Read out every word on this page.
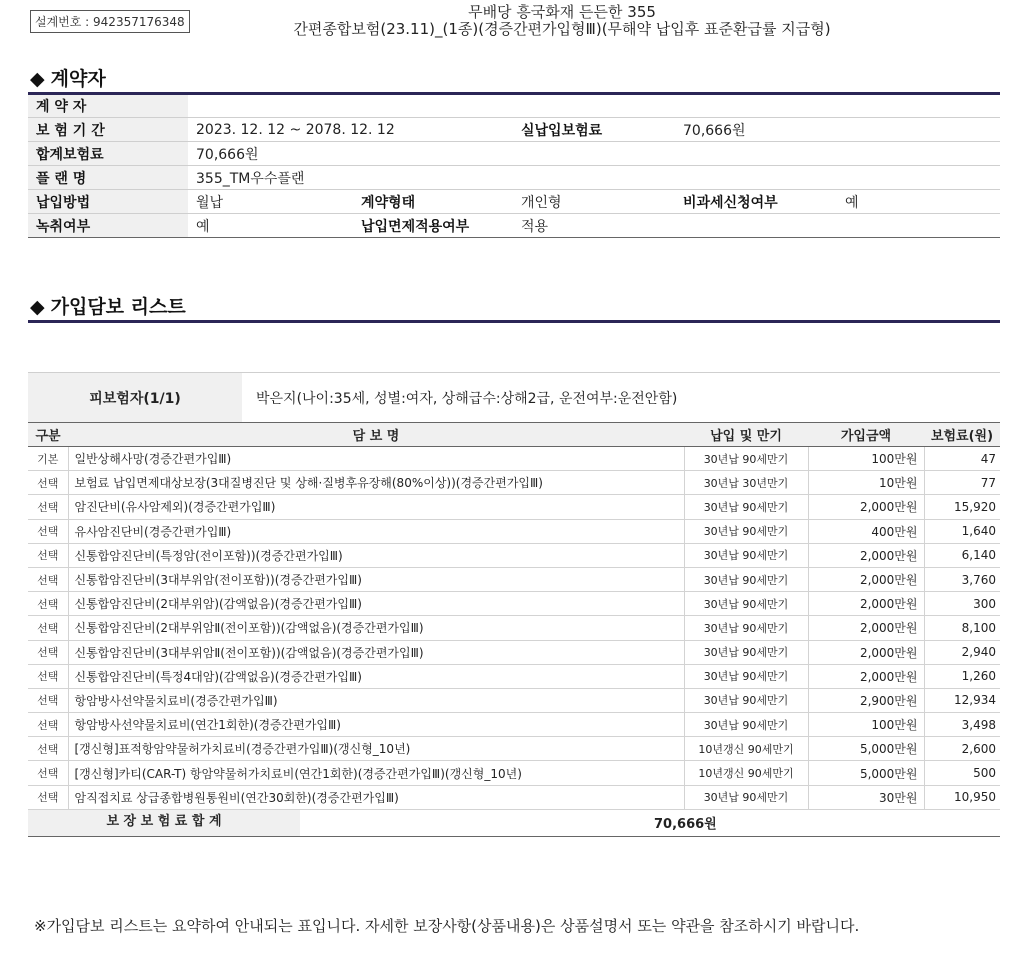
설계번호 : 942357176348
무배당 흥국화재 든든한 355
간편종합보험(23.11)_(1종)(경증간편가입형Ⅲ)(무해약 납입후 표준환급률 지급형)
◆ 계약자
계 약 자					
보 험 기 간	2023. 12. 12 ~ 2078. 12. 12		실납입보험료	70,666원	
합계보험료	70,666원				
플 랜 명	355_TM우수플랜				
납입방법	월납	계약형태	개인형	비과세신청여부	예
녹취여부	예	납입면제적용여부	적용		
◆ 가입담보 리스트
피보험자(1/1)	박은지(나이:35세, 성별:여자, 상해급수:상해2급, 운전여부:운전안함)
구분	담 보 명	납입 및 만기	가입금액	보험료(원)
기본	일반상해사망(경증간편가입Ⅲ)	30년납 90세만기	100만원	47
선택	보험료 납입면제대상보장(3대질병진단 및 상해·질병후유장해(80%이상))(경증간편가입Ⅲ)	30년납 30년만기	10만원	77
선택	암진단비(유사암제외)(경증간편가입Ⅲ)	30년납 90세만기	2,000만원	15,920
선택	유사암진단비(경증간편가입Ⅲ)	30년납 90세만기	400만원	1,640
선택	신통합암진단비(특정암(전이포함))(경증간편가입Ⅲ)	30년납 90세만기	2,000만원	6,140
선택	신통합암진단비(3대부위암(전이포함))(경증간편가입Ⅲ)	30년납 90세만기	2,000만원	3,760
선택	신통합암진단비(2대부위암)(감액없음)(경증간편가입Ⅲ)	30년납 90세만기	2,000만원	300
선택	신통합암진단비(2대부위암Ⅱ(전이포함))(감액없음)(경증간편가입Ⅲ)	30년납 90세만기	2,000만원	8,100
선택	신통합암진단비(3대부위암Ⅱ(전이포함))(감액없음)(경증간편가입Ⅲ)	30년납 90세만기	2,000만원	2,940
선택	신통합암진단비(특정4대암)(감액없음)(경증간편가입Ⅲ)	30년납 90세만기	2,000만원	1,260
선택	항암방사선약물치료비(경증간편가입Ⅲ)	30년납 90세만기	2,900만원	12,934
선택	항암방사선약물치료비(연간1회한)(경증간편가입Ⅲ)	30년납 90세만기	100만원	3,498
선택	[갱신형]표적항암약물허가치료비(경증간편가입Ⅲ)(갱신형_10년)	10년갱신 90세만기	5,000만원	2,600
선택	[갱신형]카티(CAR-T) 항암약물허가치료비(연간1회한)(경증간편가입Ⅲ)(갱신형_10년)	10년갱신 90세만기	5,000만원	500
선택	암직접치료 상급종합병원통원비(연간30회한)(경증간편가입Ⅲ)	30년납 90세만기	30만원	10,950

보 장 보 험 료 합 계		70,666원		
※가입담보 리스트는 요약하여 안내되는 표입니다. 자세한 보장사항(상품내용)은 상품설명서 또는 약관을 참조하시기 바랍니다.
